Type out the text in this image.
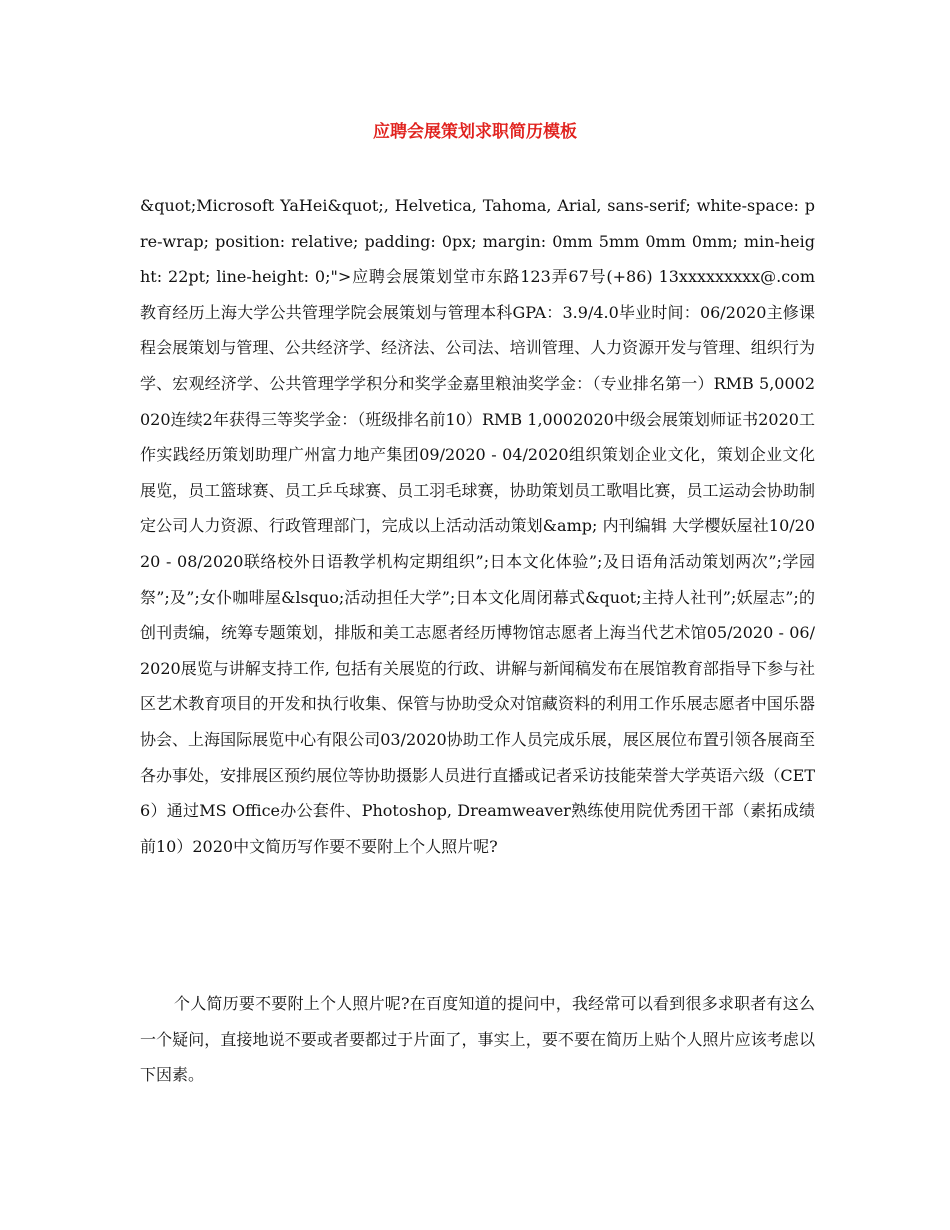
应聘会展策划求职简历模板

&quot;Microsoft YaHei&quot;, Helvetica, Tahoma, Arial, sans-serif; white-space: pre-wrap; position: relative; padding: 0px; margin: 0mm 5mm 0mm 0mm; min-height: 22pt; line-height: 0;">应聘会展策划堂市东路123弄67号(+86) 13xxxxxxxxx@.com教育经历上海大学公共管理学院会展策划与管理本科GPA：3.9/4.0毕业时间：06/2020主修课程会展策划与管理、公共经济学、经济法、公司法、培训管理、人力资源开发与管理、组织行为学、宏观经济学、公共管理学学积分和奖学金嘉里粮油奖学金：（专业排名第一）RMB 5,0002020连续2年获得三等奖学金：（班级排名前10）RMB 1,0002020中级会展策划师证书2020工作实践经历策划助理广州富力地产集团09/2020 - 04/2020组织策划企业文化，策划企业文化展览，员工篮球赛、员工乒乓球赛、员工羽毛球赛，协助策划员工歌唱比赛，员工运动会协助制定公司人力资源、行政管理部门，完成以上活动活动策划&amp; 内刊编辑 大学樱妖屋社10/2020 - 08/2020联络校外日语教学机构定期组织”;日本文化体验”;及日语角活动策划两次”;学园祭”;及”;女仆咖啡屋&lsquo;活动担任大学”;日本文化周闭幕式&quot;主持人社刊”;妖屋志”;的创刊责编，统筹专题策划，排版和美工志愿者经历博物馆志愿者上海当代艺术馆05/2020 - 06/2020展览与讲解支持工作, 包括有关展览的行政、讲解与新闻稿发布在展馆教育部指导下参与社区艺术教育项目的开发和执行收集、保管与协助受众对馆藏资料的利用工作乐展志愿者中国乐器协会、上海国际展览中心有限公司03/2020协助工作人员完成乐展，展区展位布置引领各展商至各办事处，安排展区预约展位等协助摄影人员进行直播或记者采访技能荣誉大学英语六级（CET6）通过MS Office办公套件、Photoshop, Dreamweaver熟练使用院优秀团干部（素拓成绩前10）2020中文简历写作要不要附上个人照片呢?

个人简历要不要附上个人照片呢?在百度知道的提问中，我经常可以看到很多求职者有这么一个疑问，直接地说不要或者要都过于片面了，事实上，要不要在简历上贴个人照片应该考虑以下因素。
